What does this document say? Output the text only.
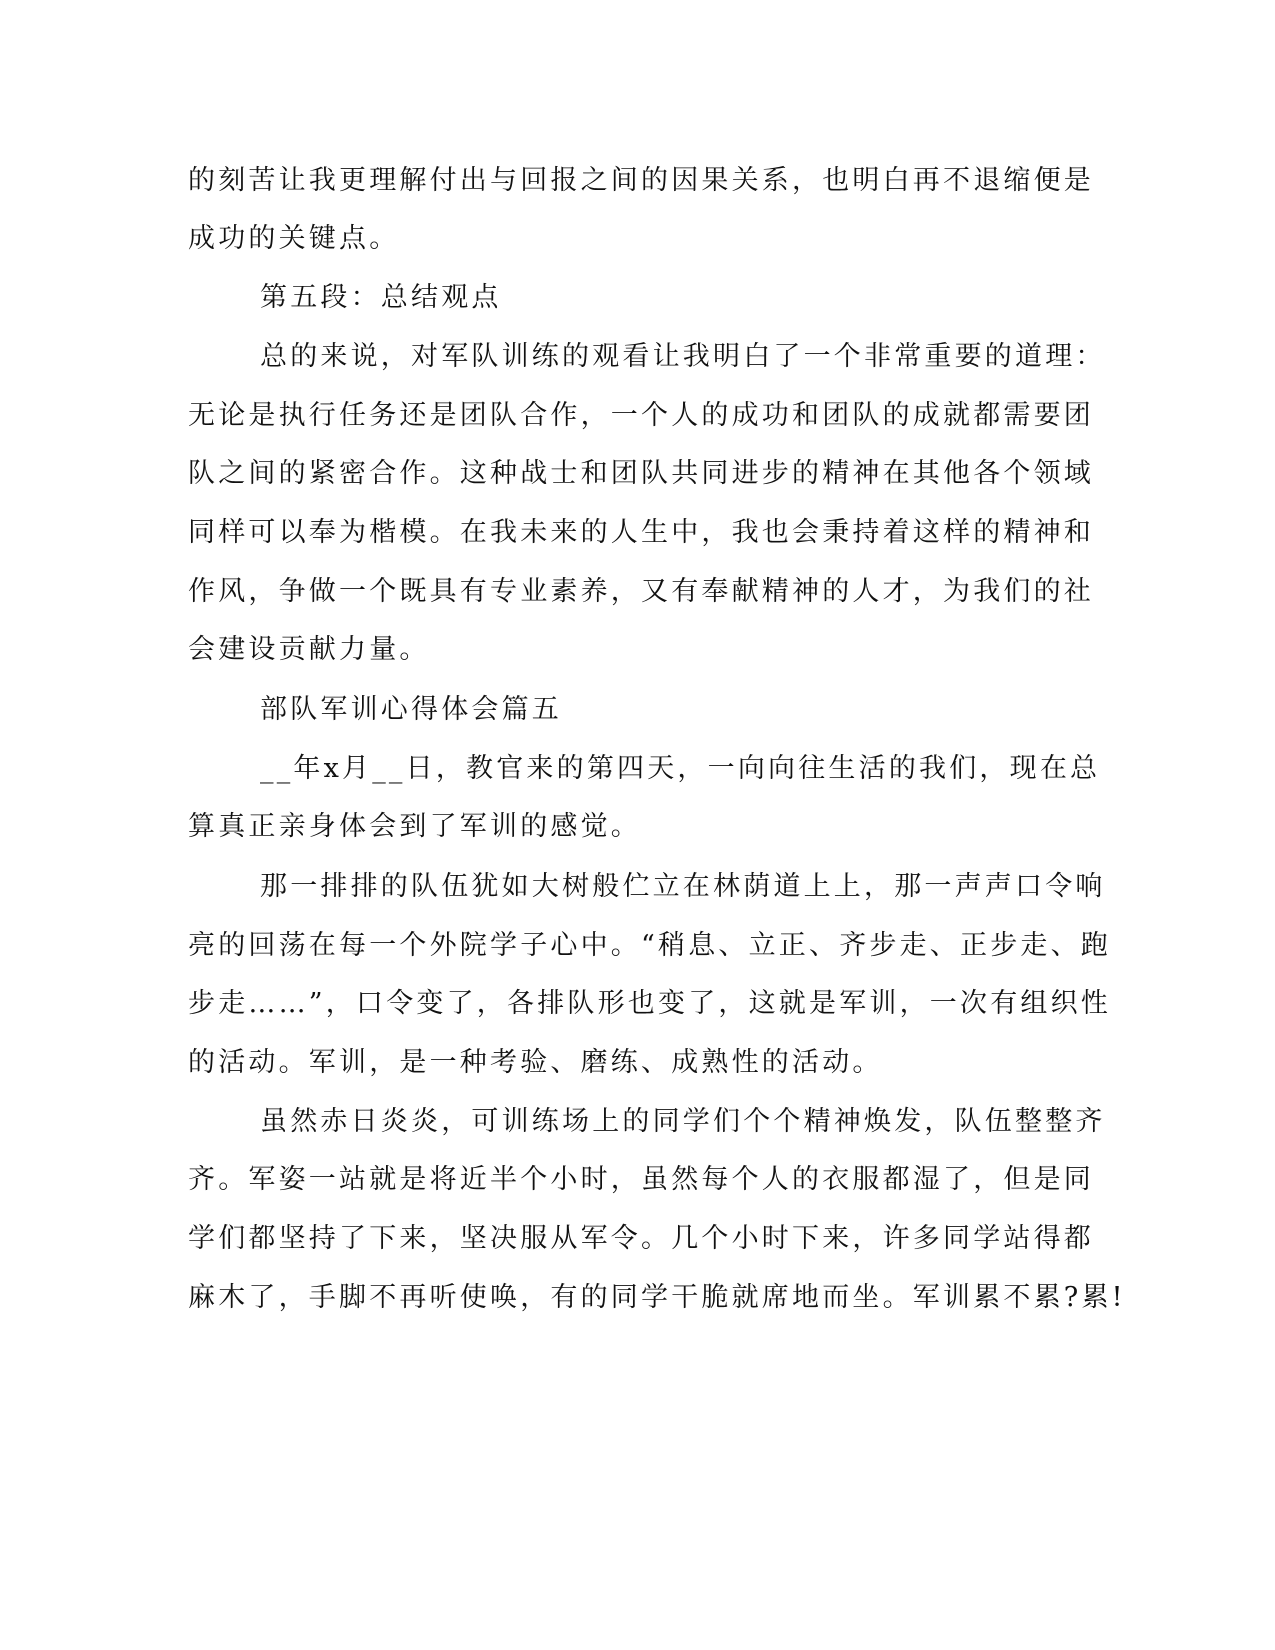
的刻苦让我更理解付出与回报之间的因果关系，也明白再不退缩便是
成功的关键点。
第五段：总结观点
总的来说，对军队训练的观看让我明白了一个非常重要的道理：
无论是执行任务还是团队合作，一个人的成功和团队的成就都需要团
队之间的紧密合作。这种战士和团队共同进步的精神在其他各个领域
同样可以奉为楷模。在我未来的人生中，我也会秉持着这样的精神和
作风，争做一个既具有专业素养，又有奉献精神的人才，为我们的社
会建设贡献力量。
部队军训心得体会篇五
__年x月__日，教官来的第四天，一向向往生活的我们，现在总
算真正亲身体会到了军训的感觉。
那一排排的队伍犹如大树般伫立在林荫道上上，那一声声口令响
亮的回荡在每一个外院学子心中。“稍息、立正、齐步走、正步走、跑
步走……”，口令变了，各排队形也变了，这就是军训，一次有组织性
的活动。军训，是一种考验、磨练、成熟性的活动。
虽然赤日炎炎，可训练场上的同学们个个精神焕发，队伍整整齐
齐。军姿一站就是将近半个小时，虽然每个人的衣服都湿了，但是同
学们都坚持了下来，坚决服从军令。几个小时下来，许多同学站得都
麻木了，手脚不再听使唤，有的同学干脆就席地而坐。军训累不累?累!
